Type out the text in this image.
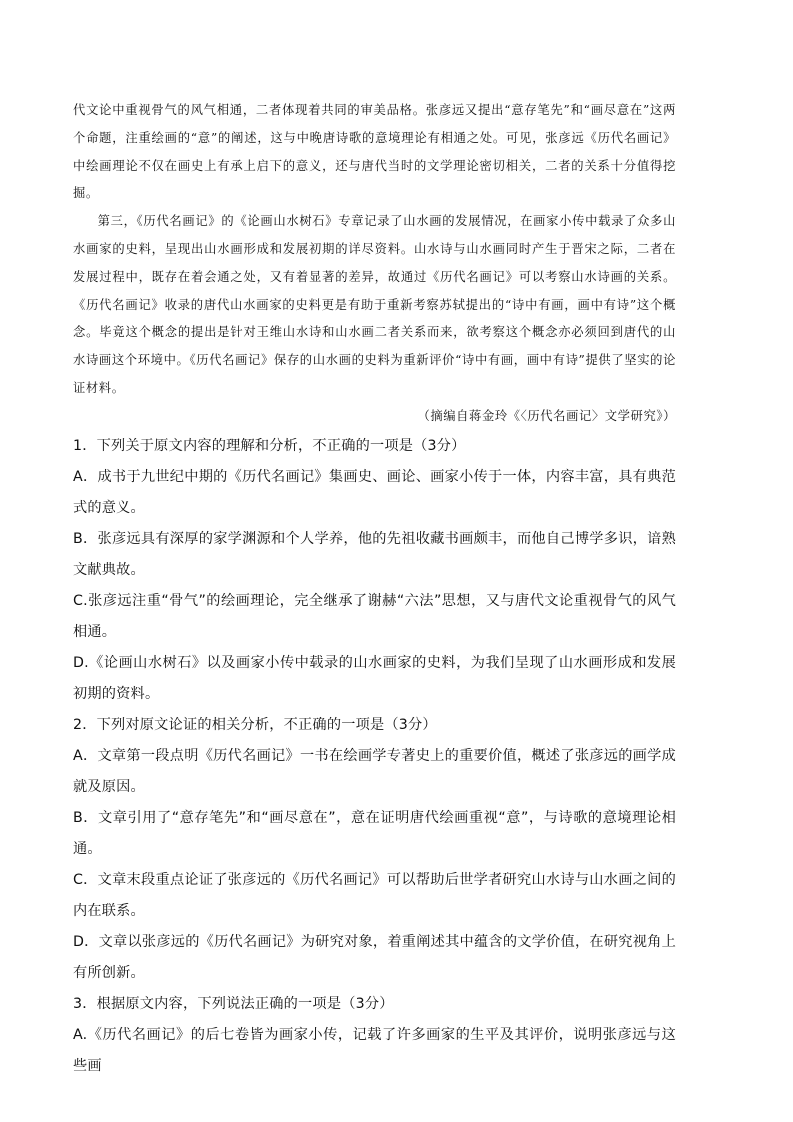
代文论中重视骨气的风气相通，二者体现着共同的审美品格。张彦远又提出“意存笔先”和“画尽意在”这两个命题，注重绘画的“意”的阐述，这与中晚唐诗歌的意境理论有相通之处。可见，张彦远《历代名画记》中绘画理论不仅在画史上有承上启下的意义，还与唐代当时的文学理论密切相关，二者的关系十分值得挖掘。

第三，《历代名画记》的《论画山水树石》专章记录了山水画的发展情况，在画家小传中载录了众多山水画家的史料，呈现出山水画形成和发展初期的详尽资料。山水诗与山水画同时产生于晋宋之际，二者在发展过程中，既存在着会通之处，又有着显著的差异，故通过《历代名画记》可以考察山水诗画的关系。《历代名画记》收录的唐代山水画家的史料更是有助于重新考察苏轼提出的“诗中有画，画中有诗”这个概念。毕竟这个概念的提出是针对王维山水诗和山水画二者关系而来，欲考察这个概念亦必须回到唐代的山水诗画这个环境中。《历代名画记》保存的山水画的史料为重新评价“诗中有画，画中有诗”提供了坚实的论证材料。

（摘编自蒋金玲《〈历代名画记〉文学研究》）

1．下列关于原文内容的理解和分析，不正确的一项是（3分）

A．成书于九世纪中期的《历代名画记》集画史、画论、画家小传于一体，内容丰富，具有典范式的意义。

B．张彦远具有深厚的家学渊源和个人学养，他的先祖收藏书画颇丰，而他自己博学多识，谙熟文献典故。

C.张彦远注重“骨气”的绘画理论，完全继承了谢赫“六法”思想，又与唐代文论重视骨气的风气相通。

D.《论画山水树石》以及画家小传中载录的山水画家的史料，为我们呈现了山水画形成和发展初期的资料。

2．下列对原文论证的相关分析，不正确的一项是（3分）

A．文章第一段点明《历代名画记》一书在绘画学专著史上的重要价值，概述了张彦远的画学成就及原因。

B．文章引用了“意存笔先”和“画尽意在”，意在证明唐代绘画重视“意”，与诗歌的意境理论相通。

C．文章末段重点论证了张彦远的《历代名画记》可以帮助后世学者研究山水诗与山水画之间的内在联系。

D．文章以张彦远的《历代名画记》为研究对象，着重阐述其中蕴含的文学价值，在研究视角上有所创新。

3．根据原文内容，下列说法正确的一项是（3分）

A.《历代名画记》的后七卷皆为画家小传，记载了许多画家的生平及其评价，说明张彦远与这些画
